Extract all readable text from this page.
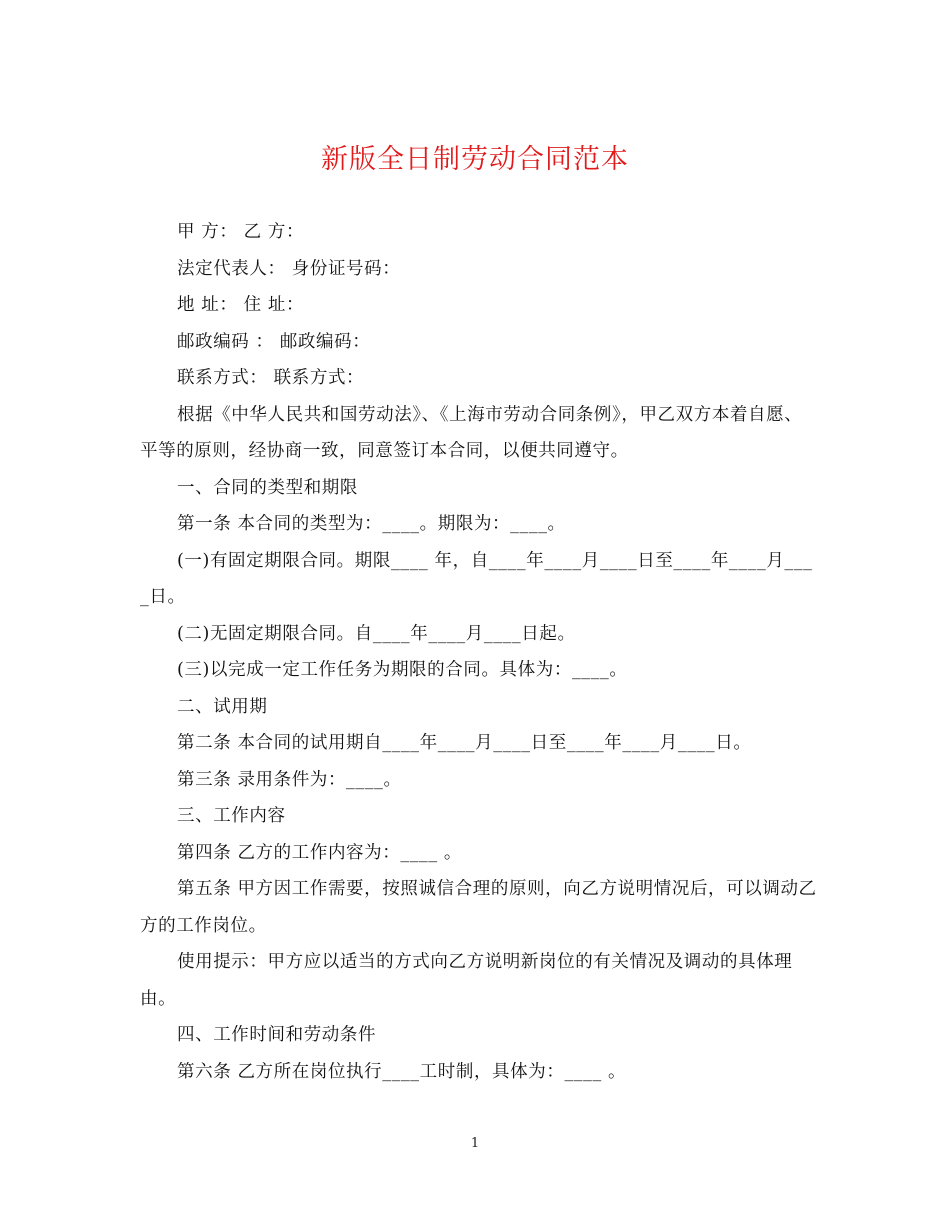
新版全日制劳动合同范本

甲 方： 乙 方：

法定代表人： 身份证号码：

地 址： 住 址：

邮政编码 ： 邮政编码：

联系方式： 联系方式：

根据《中华人民共和国劳动法》、《上海市劳动合同条例》，甲乙双方本着自愿、平等的原则，经协商一致，同意签订本合同，以便共同遵守。

一、合同的类型和期限

第一条 本合同的类型为：____。期限为：____。

(一)有固定期限合同。期限____ 年，自____年____月____日至____年____月____日。

(二)无固定期限合同。自____年____月____日起。

(三)以完成一定工作任务为期限的合同。具体为：____。

二、试用期

第二条 本合同的试用期自____年____月____日至____年____月____日。

第三条 录用条件为：____。

三、工作内容

第四条 乙方的工作内容为：____ 。

第五条 甲方因工作需要，按照诚信合理的原则，向乙方说明情况后，可以调动乙方的工作岗位。

使用提示：甲方应以适当的方式向乙方说明新岗位的有关情况及调动的具体理由。

四、工作时间和劳动条件

第六条 乙方所在岗位执行____工时制，具体为：____ 。

1
